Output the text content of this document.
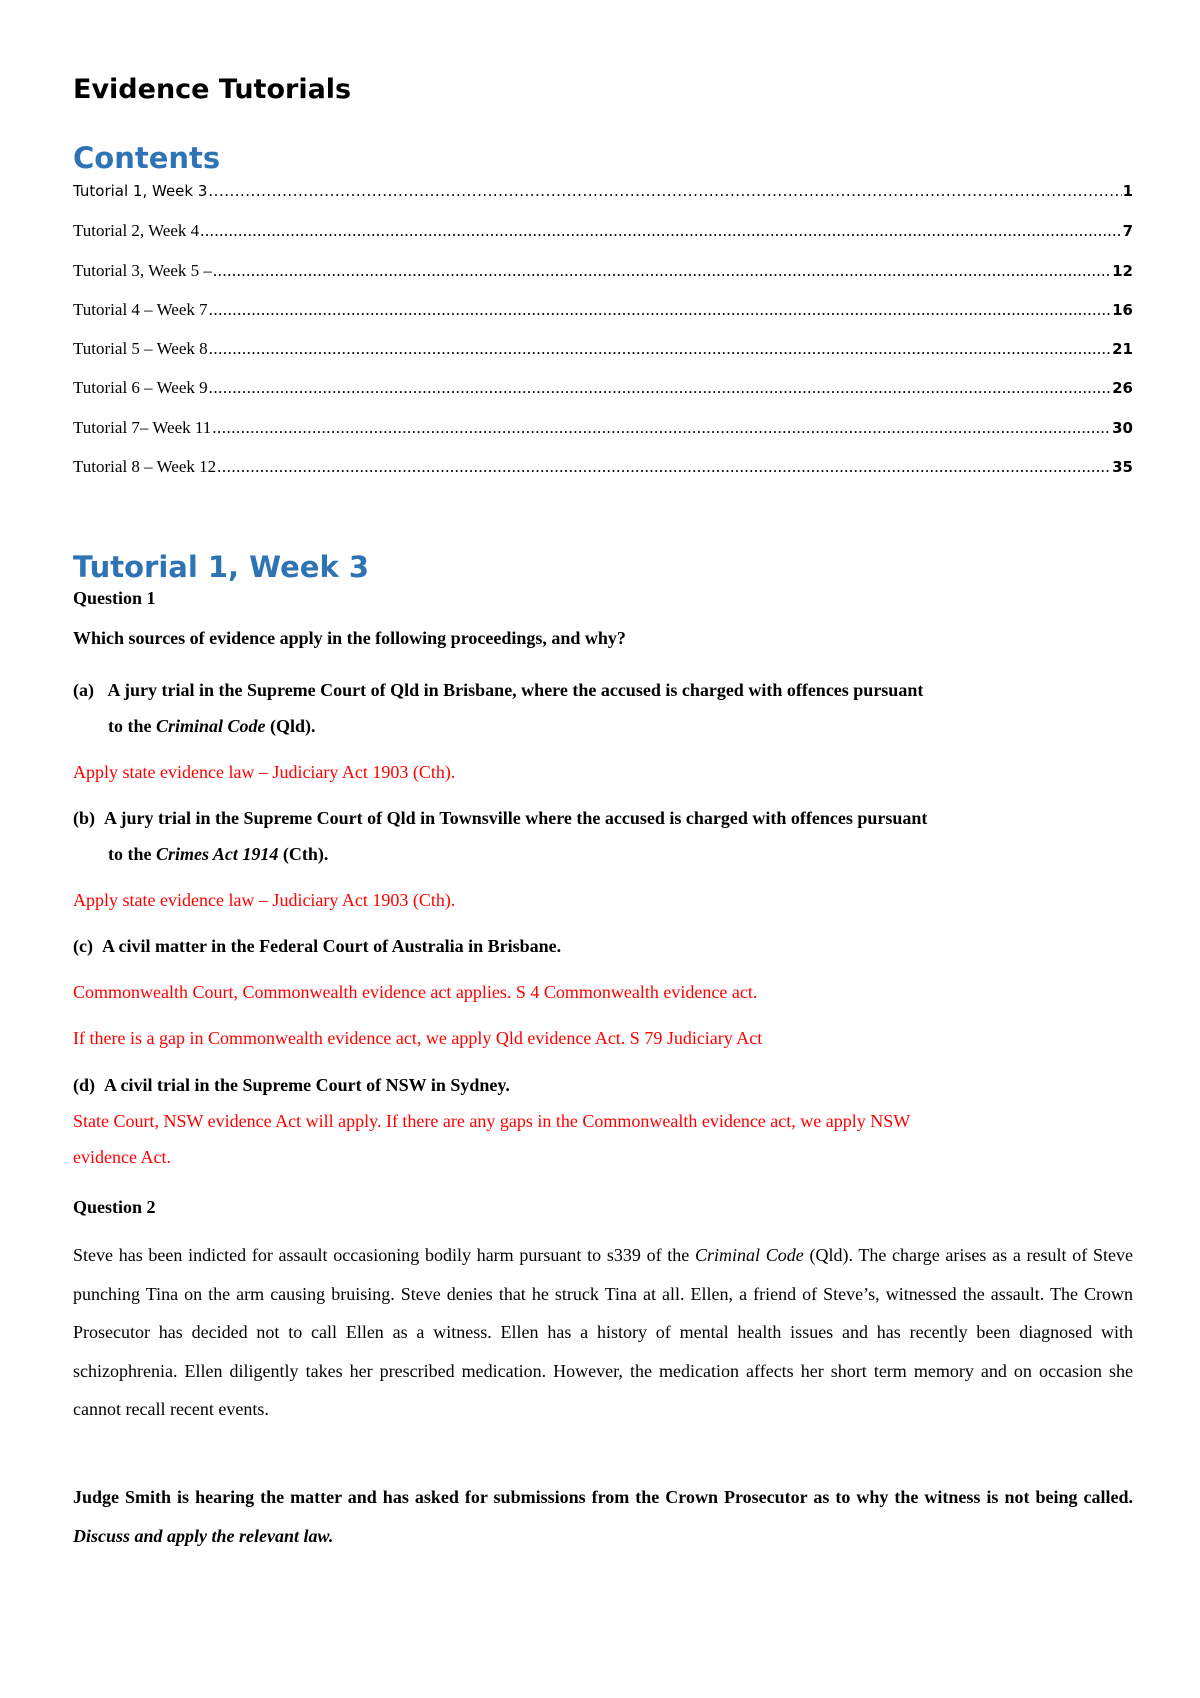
Evidence Tutorials
Contents
Tutorial 1, Week 3 .....	1
Tutorial 2, Week 4 .....	7
Tutorial 3, Week 5 – .....	12
Tutorial 4 – Week 7 .....	16
Tutorial 5 – Week 8 .....	21
Tutorial 6 – Week 9 .....	26
Tutorial 7– Week 11 .....	30
Tutorial 8 – Week 12 .....	35
Tutorial 1, Week 3
Question 1
Which sources of evidence apply in the following proceedings, and why?
(a) A jury trial in the Supreme Court of Qld in Brisbane, where the accused is charged with offences pursuant
to the Criminal Code (Qld).
Apply state evidence law – Judiciary Act 1903 (Cth).
(b) A jury trial in the Supreme Court of Qld in Townsville where the accused is charged with offences pursuant
to the Crimes Act 1914 (Cth).
Apply state evidence law – Judiciary Act 1903 (Cth).
(c) A civil matter in the Federal Court of Australia in Brisbane.
Commonwealth Court, Commonwealth evidence act applies. S 4 Commonwealth evidence act.
If there is a gap in Commonwealth evidence act, we apply Qld evidence Act. S 79 Judiciary Act
(d) A civil trial in the Supreme Court of NSW in Sydney.
State Court, NSW evidence Act will apply. If there are any gaps in the Commonwealth evidence act, we apply NSW
evidence Act.
Question 2
Steve has been indicted for assault occasioning bodily harm pursuant to s339 of the Criminal Code (Qld). The charge arises as a result of Steve punching Tina on the arm causing bruising. Steve denies that he struck Tina at all. Ellen, a friend of Steve’s, witnessed the assault. The Crown Prosecutor has decided not to call Ellen as a witness. Ellen has a history of mental health issues and has recently been diagnosed with schizophrenia. Ellen diligently takes her prescribed medication. However, the medication affects her short term memory and on occasion she cannot recall recent events.
Judge Smith is hearing the matter and has asked for submissions from the Crown Prosecutor as to why the witness is not being called. Discuss and apply the relevant law.
